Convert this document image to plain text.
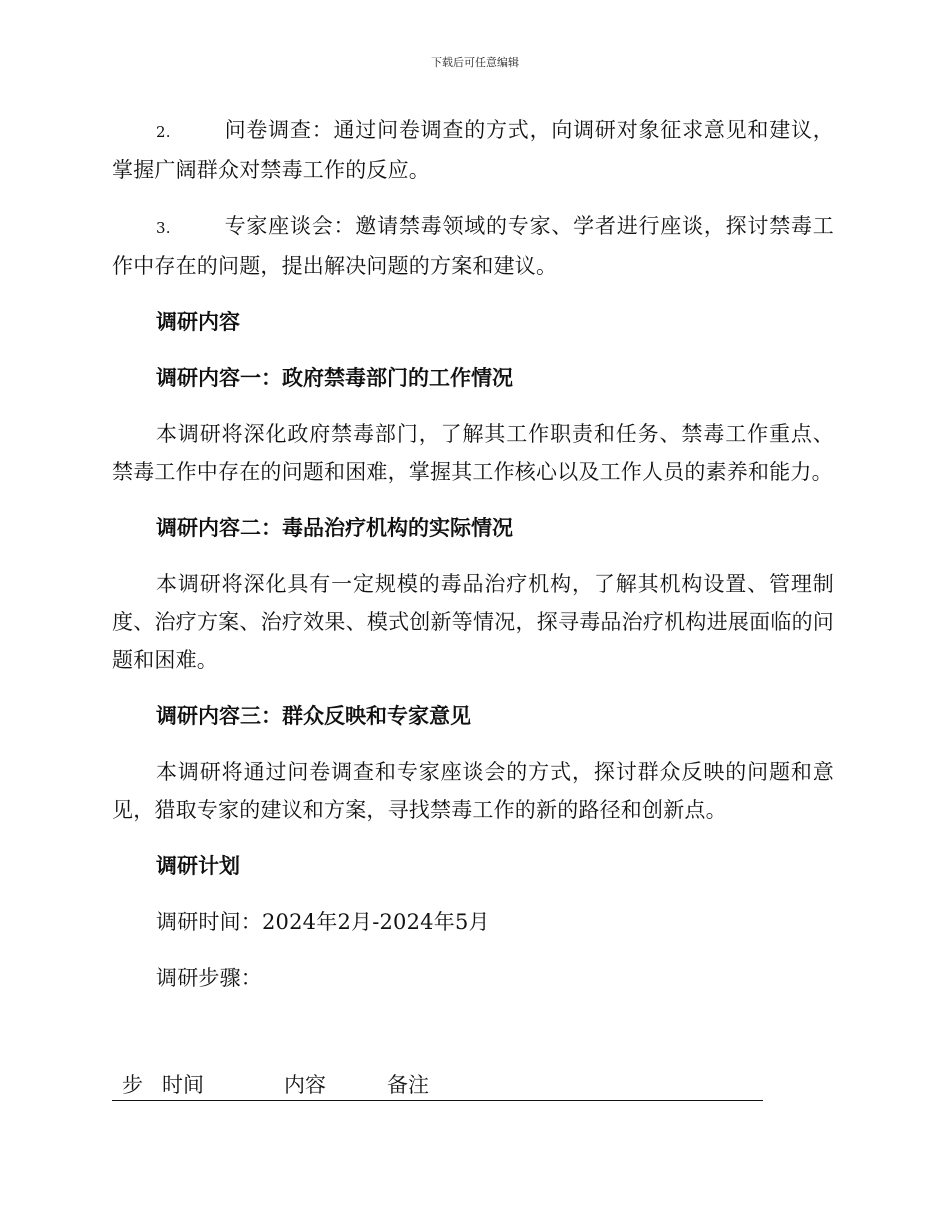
下载后可任意编辑

2.	问卷调查：通过问卷调查的方式，向调研对象征求意见和建议，掌握广阔群众对禁毒工作的反应。

3.	专家座谈会：邀请禁毒领域的专家、学者进行座谈，探讨禁毒工作中存在的问题，提出解决问题的方案和建议。

调研内容

调研内容一：政府禁毒部门的工作情况

本调研将深化政府禁毒部门，了解其工作职责和任务、禁毒工作重点、禁毒工作中存在的问题和困难，掌握其工作核心以及工作人员的素养和能力。

调研内容二：毒品治疗机构的实际情况

本调研将深化具有一定规模的毒品治疗机构，了解其机构设置、管理制度、治疗方案、治疗效果、模式创新等情况，探寻毒品治疗机构进展面临的问题和困难。

调研内容三：群众反映和专家意见

本调研将通过问卷调查和专家座谈会的方式，探讨群众反映的问题和意见，猎取专家的建议和方案，寻找禁毒工作的新的路径和创新点。

调研计划

调研时间：2024年2月-2024年5月

调研步骤：

步 时间	内容	备注
